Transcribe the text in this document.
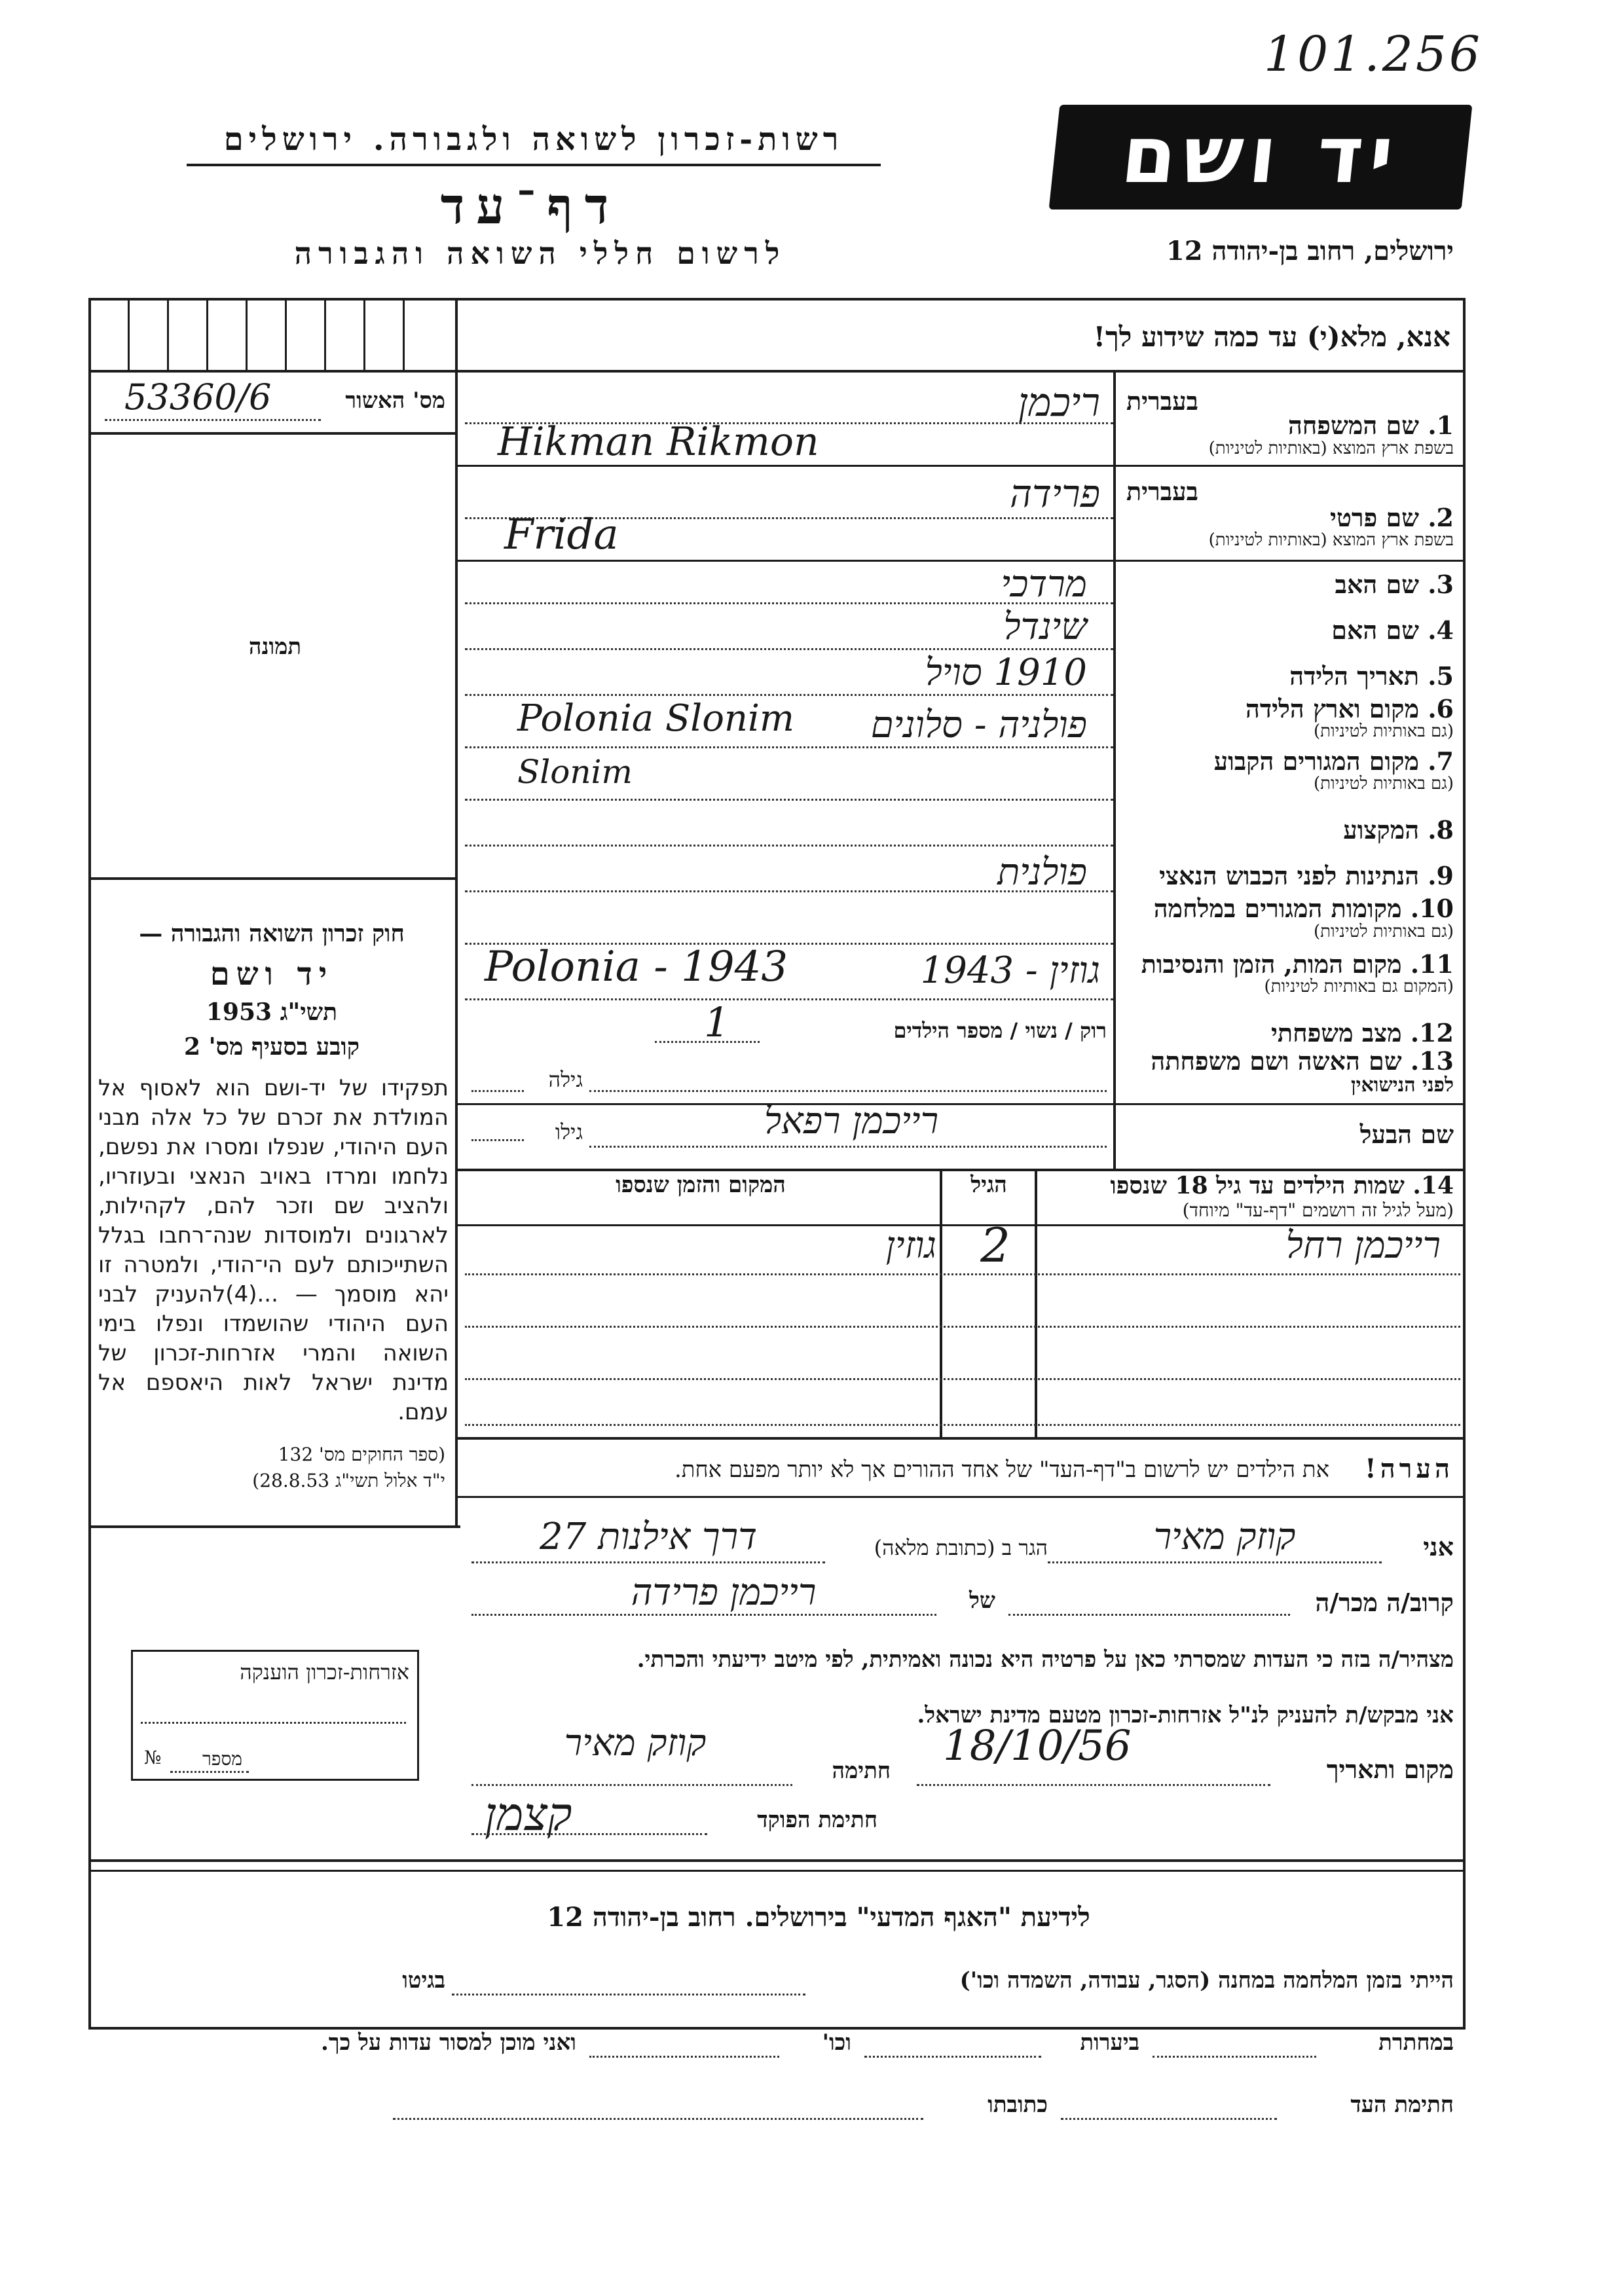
101.256
רשות-זכרון לשואה ולגבורה. ירושלים
דף־עד
לרשום חללי השואה והגבורה
יד ושם
ירושלים, רחוב בן-יהודה 12
אנא, מלא(י) עד כמה שידוע לך!
מס' האשור
53360/6
תמונה
חוק זכרון השואה והגבורה —
יד ושם
תשי"ג 1953
קובע בסעיף מס' 2
תפקידו של יד-ושם הוא לאסוף אל המולדת את זכרם של כל אלה מבני העם היהודי, שנפלו ומסרו את נפשם, נלחמו ומרדו באויב הנאצי ובעוזריו, ולהציב שם וזכר להם, לקהילות, לארגונים ולמוסדות שנה־רחבו בגלל השתייכותם לעם הי־הודי, ולמטרה זו יהא מוסמך — ...(4)להעניק לבני העם היהודי שהושמדו ונפלו בימי השואה והמרי אזרחות-זכרון של מדינת ישראל לאות היאספם אל עמם.
(ספר החוקים מס' 132
י"ד אלול תשי"ג 28.8.53)
אזרחות-זכרון הוענקה
מספר
№
בעברית
1. שם המשפחה
בשפת ארץ המוצא (באותיות לטיניות)
ריכמן
Hikman Rikmon
בעברית
2. שם פרטי
בשפת ארץ המוצא (באותיות לטיניות)
פרידה
Frida
3. שם האב
מרדכי
4. שם האם
שינדל
5. תאריך הלידה
1910 סויל
6. מקום וארץ הלידה
(גם באותיות לטיניות)
פולניה - סלונים
Polonia Slonim
7. מקום המגורים הקבוע
(גם באותיות לטיניות)
Slonim
8. המקצוע
9. הנתינות לפני הכבוש הנאצי
פולנית
10. מקומות המגורים במלחמה
(גם באותיות לטיניות)
11. מקום המות, הזמן והנסיבות
(המקום גם באותיות לטיניות)
גוזין - 1943
Polonia - 1943
12. מצב משפחתי
רוק / נשוי / מספר הילדים
1
13. שם האשה ושם משפחתה
לפני הנישואין
גילה
שם הבעל
גילו	רייכמן רפאל
14. שמות הילדים עד גיל 18 שנספו
(מעל לגיל זה רושמים "דף-עד" מיוחד)
הגיל
המקום והזמן שנספו
רייכמן רחל
2
גוזין
הערה!
את הילדים יש לרשום ב"דף-העד" של אחד ההורים אך לא יותר מפעם אחת.
אני
קוזק מאיר
הגר ב (כתובת מלאה)
דרך אילנות 27
קרוב/ה מכר/ה
של
רייכמן פרידה
מצהיר/ה בזה כי העדות שמסרתי כאן על פרטיה היא נכונה ואמיתית, לפי מיטב ידיעתי והכרתי.
אני מבקש/ת להעניק לנ"ל אזרחות-זכרון מטעם מדינת ישראל.
מקום ותאריך
18/10/56
חתימה
קוזק מאיר
חתימת הפוקד
קצמן
לידיעת "האגף המדעי" בירושלים. רחוב בן-יהודה 12
הייתי בזמן המלחמה במחנה (הסגר, עבודה, השמדה וכו')
בגיטו
במחתרת
ביערות
וכו'
ואני מוכן למסור עדות על כך.
חתימת העד
כתובתו
